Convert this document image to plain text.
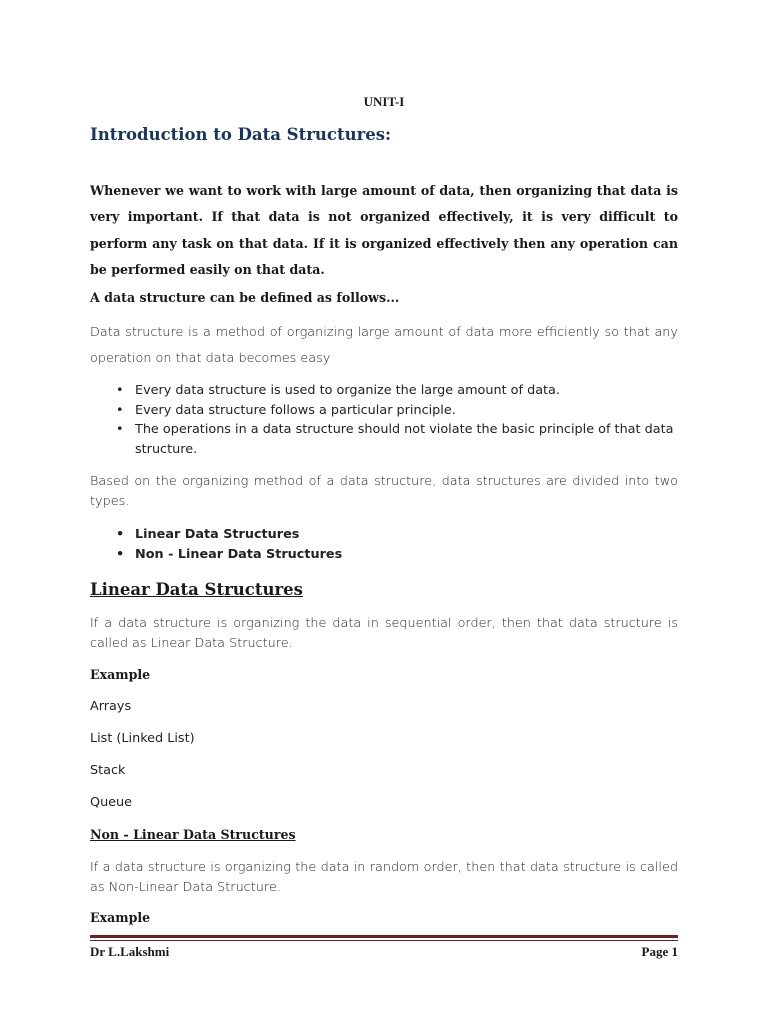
UNIT-I
Introduction to Data Structures:
Whenever we want to work with large amount of data, then organizing that data is very important. If that data is not organized effectively, it is very difficult to perform any task on that data. If it is organized effectively then any operation can be performed easily on that data.
A data structure can be defined as follows...
Data structure is a method of organizing large amount of data more efficiently so that any operation on that data becomes easy
• Every data structure is used to organize the large amount of data.
• Every data structure follows a particular principle.
• The operations in a data structure should not violate the basic principle of that data structure.
Based on the organizing method of a data structure, data structures are divided into two types.
• Linear Data Structures
• Non - Linear Data Structures
Linear Data Structures
If a data structure is organizing the data in sequential order, then that data structure is called as Linear Data Structure.
Example
Arrays
List (Linked List)
Stack
Queue
Non - Linear Data Structures
If a data structure is organizing the data in random order, then that data structure is called as Non-Linear Data Structure.
Example
Dr L.Lakshmi	Page 1
